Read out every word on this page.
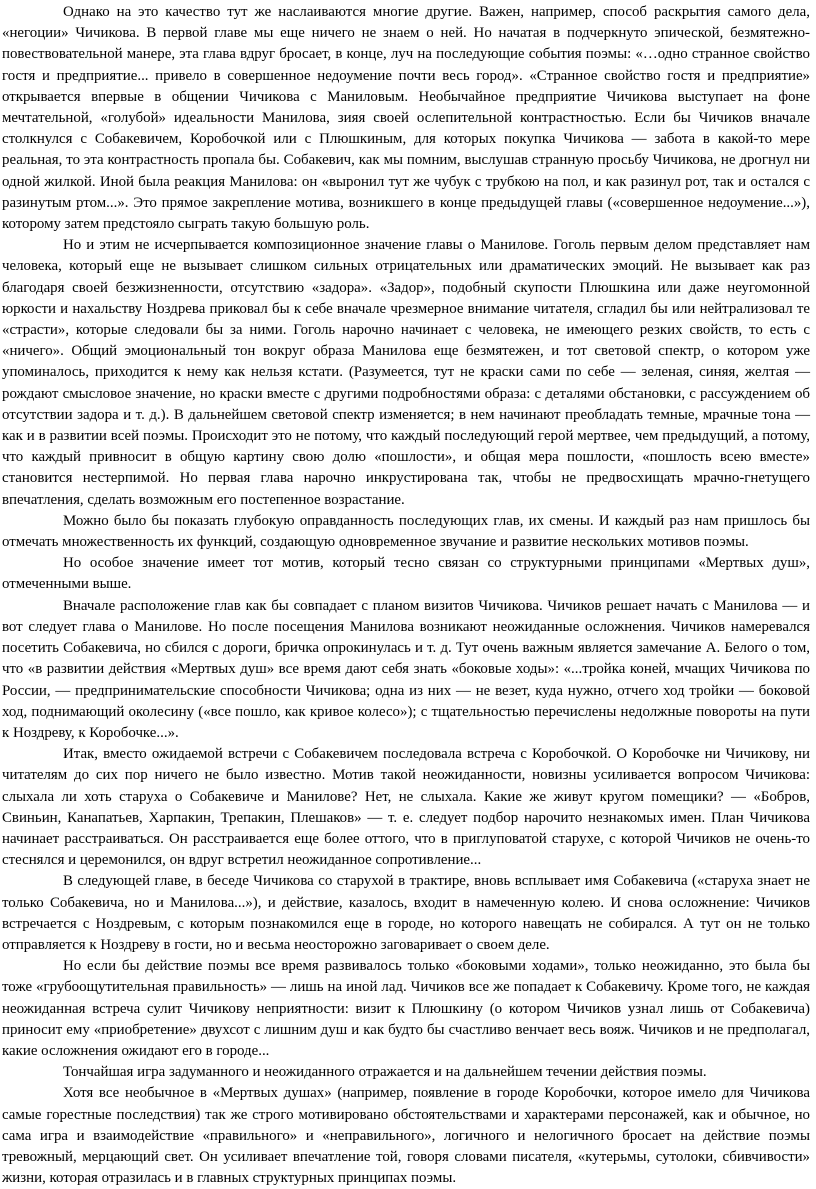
Однако на это качество тут же наслаиваются многие другие. Важен, например, способ раскрытия самого дела, «негоции» Чичикова. В первой главе мы еще ничего не знаем о ней. Но начатая в подчеркнуто эпической, безмятежно-повествовательной манере, эта глава вдруг бросает, в конце, луч на последующие события поэмы: «…одно странное свойство гостя и предприятие... привело в совершенное недоумение почти весь город». «Странное свойство гостя и предприятие» открывается впервые в общении Чичикова с Маниловым. Необычайное предприятие Чичикова выступает на фоне мечтательной, «голубой» идеальности Манилова, зияя своей ослепительной контрастностью. Если бы Чичиков вначале столкнулся с Собакевичем, Коробочкой или с Плюшкиным, для которых покупка Чичикова — забота в какой-то мере реальная, то эта контрастность пропала бы. Собакевич, как мы помним, выслушав странную просьбу Чичикова, не дрогнул ни одной жилкой. Иной была реакция Манилова: он «выронил тут же чубук с трубкою на пол, и как разинул рот, так и остался с разинутым ртом...». Это прямое закрепление мотива, возникшего в конце предыдущей главы («совершенное недоумение...»), которому затем предстояло сыграть такую большую роль.

Но и этим не исчерпывается композиционное значение главы о Манилове. Гоголь первым делом представляет нам человека, который еще не вызывает слишком сильных отрицательных или драматических эмоций. Не вызывает как раз благодаря своей безжизненности, отсутствию «задора». «Задор», подобный скупости Плюшкина или даже неугомонной юркости и нахальству Ноздрева приковал бы к себе вначале чрезмерное внимание читателя, сгладил бы или нейтрализовал те «страсти», которые следовали бы за ними. Гоголь нарочно начинает с человека, не имеющего резких свойств, то есть с «ничего». Общий эмоциональный тон вокруг образа Манилова еще безмятежен, и тот световой спектр, о котором уже упоминалось, приходится к нему как нельзя кстати. (Разумеется, тут не краски сами по себе — зеленая, синяя, желтая — рождают смысловое значение, но краски вместе с другими подробностями образа: с деталями обстановки, с рассуждением об отсутствии задора и т. д.). В дальнейшем световой спектр изменяется; в нем начинают преобладать темные, мрачные тона — как и в развитии всей поэмы. Происходит это не потому, что каждый последующий герой мертвее, чем предыдущий, а потому, что каждый привносит в общую картину свою долю «пошлости», и общая мера пошлости, «пошлость всею вместе» становится нестерпимой. Но первая глава нарочно инкрустирована так, чтобы не предвосхищать мрачно-гнетущего впечатления, сделать возможным его постепенное возрастание.

Можно было бы показать глубокую оправданность последующих глав, их смены. И каждый раз нам пришлось бы отмечать множественность их функций, создающую одновременное звучание и развитие нескольких мотивов поэмы.

Но особое значение имеет тот мотив, который тесно связан со структурными принципами «Мертвых душ», отмеченными выше.

Вначале расположение глав как бы совпадает с планом визитов Чичикова. Чичиков решает начать с Манилова — и вот следует глава о Манилове. Но после посещения Манилова возникают неожиданные осложнения. Чичиков намеревался посетить Собакевича, но сбился с дороги, бричка опрокинулась и т. д. Тут очень важным является замечание А. Белого о том, что «в развитии действия «Мертвых душ» все время дают себя знать «боковые ходы»: «...тройка коней, мчащих Чичикова по России, — предпринимательские способности Чичикова; одна из них — не везет, куда нужно, отчего ход тройки — боковой ход, поднимающий околесину («все пошло, как кривое колесо»); с тщательностью перечислены недолжные повороты на пути к Ноздреву, к Коробочке...».

Итак, вместо ожидаемой встречи с Собакевичем последовала встреча с Коробочкой. О Коробочке ни Чичикову, ни читателям до сих пор ничего не было известно. Мотив такой неожиданности, новизны усиливается вопросом Чичикова: слыхала ли хоть старуха о Собакевиче и Манилове? Нет, не слыхала. Какие же живут кругом помещики? — «Бобров, Свиньин, Канапатьев, Харпакин, Трепакин, Плешаков» — т. е. следует подбор нарочито незнакомых имен. План Чичикова начинает расстраиваться. Он расстраивается еще более оттого, что в приглуповатой старухе, с которой Чичиков не очень-то стеснялся и церемонился, он вдруг встретил неожиданное сопротивление...

В следующей главе, в беседе Чичикова со старухой в трактире, вновь всплывает имя Собакевича («старуха знает не только Собакевича, но и Манилова...»), и действие, казалось, входит в намеченную колею. И снова осложнение: Чичиков встречается с Ноздревым, с которым познакомился еще в городе, но которого навещать не собирался. А тут он не только отправляется к Ноздреву в гости, но и весьма неосторожно заговаривает о своем деле.

Но если бы действие поэмы все время развивалось только «боковыми ходами», только неожиданно, это была бы тоже «грубоощутительная правильность» — лишь на иной лад. Чичиков все же попадает к Собакевичу. Кроме того, не каждая неожиданная встреча сулит Чичикову неприятности: визит к Плюшкину (о котором Чичиков узнал лишь от Собакевича) приносит ему «приобретение» двухсот с лишним душ и как будто бы счастливо венчает весь вояж. Чичиков и не предполагал, какие осложнения ожидают его в городе...

Тончайшая игра задуманного и неожиданного отражается и на дальнейшем течении действия поэмы.

Хотя все необычное в «Мертвых душах» (например, появление в городе Коробочки, которое имело для Чичикова самые горестные последствия) так же строго мотивировано обстоятельствами и характерами персонажей, как и обычное, но сама игра и взаимодействие «правильного» и «неправильного», логичного и нелогичного бросает на действие поэмы тревожный, мерцающий свет. Он усиливает впечатление той, говоря словами писателя, «кутерьмы, сутолоки, сбивчивости» жизни, которая отразилась и в главных структурных принципах поэмы.
